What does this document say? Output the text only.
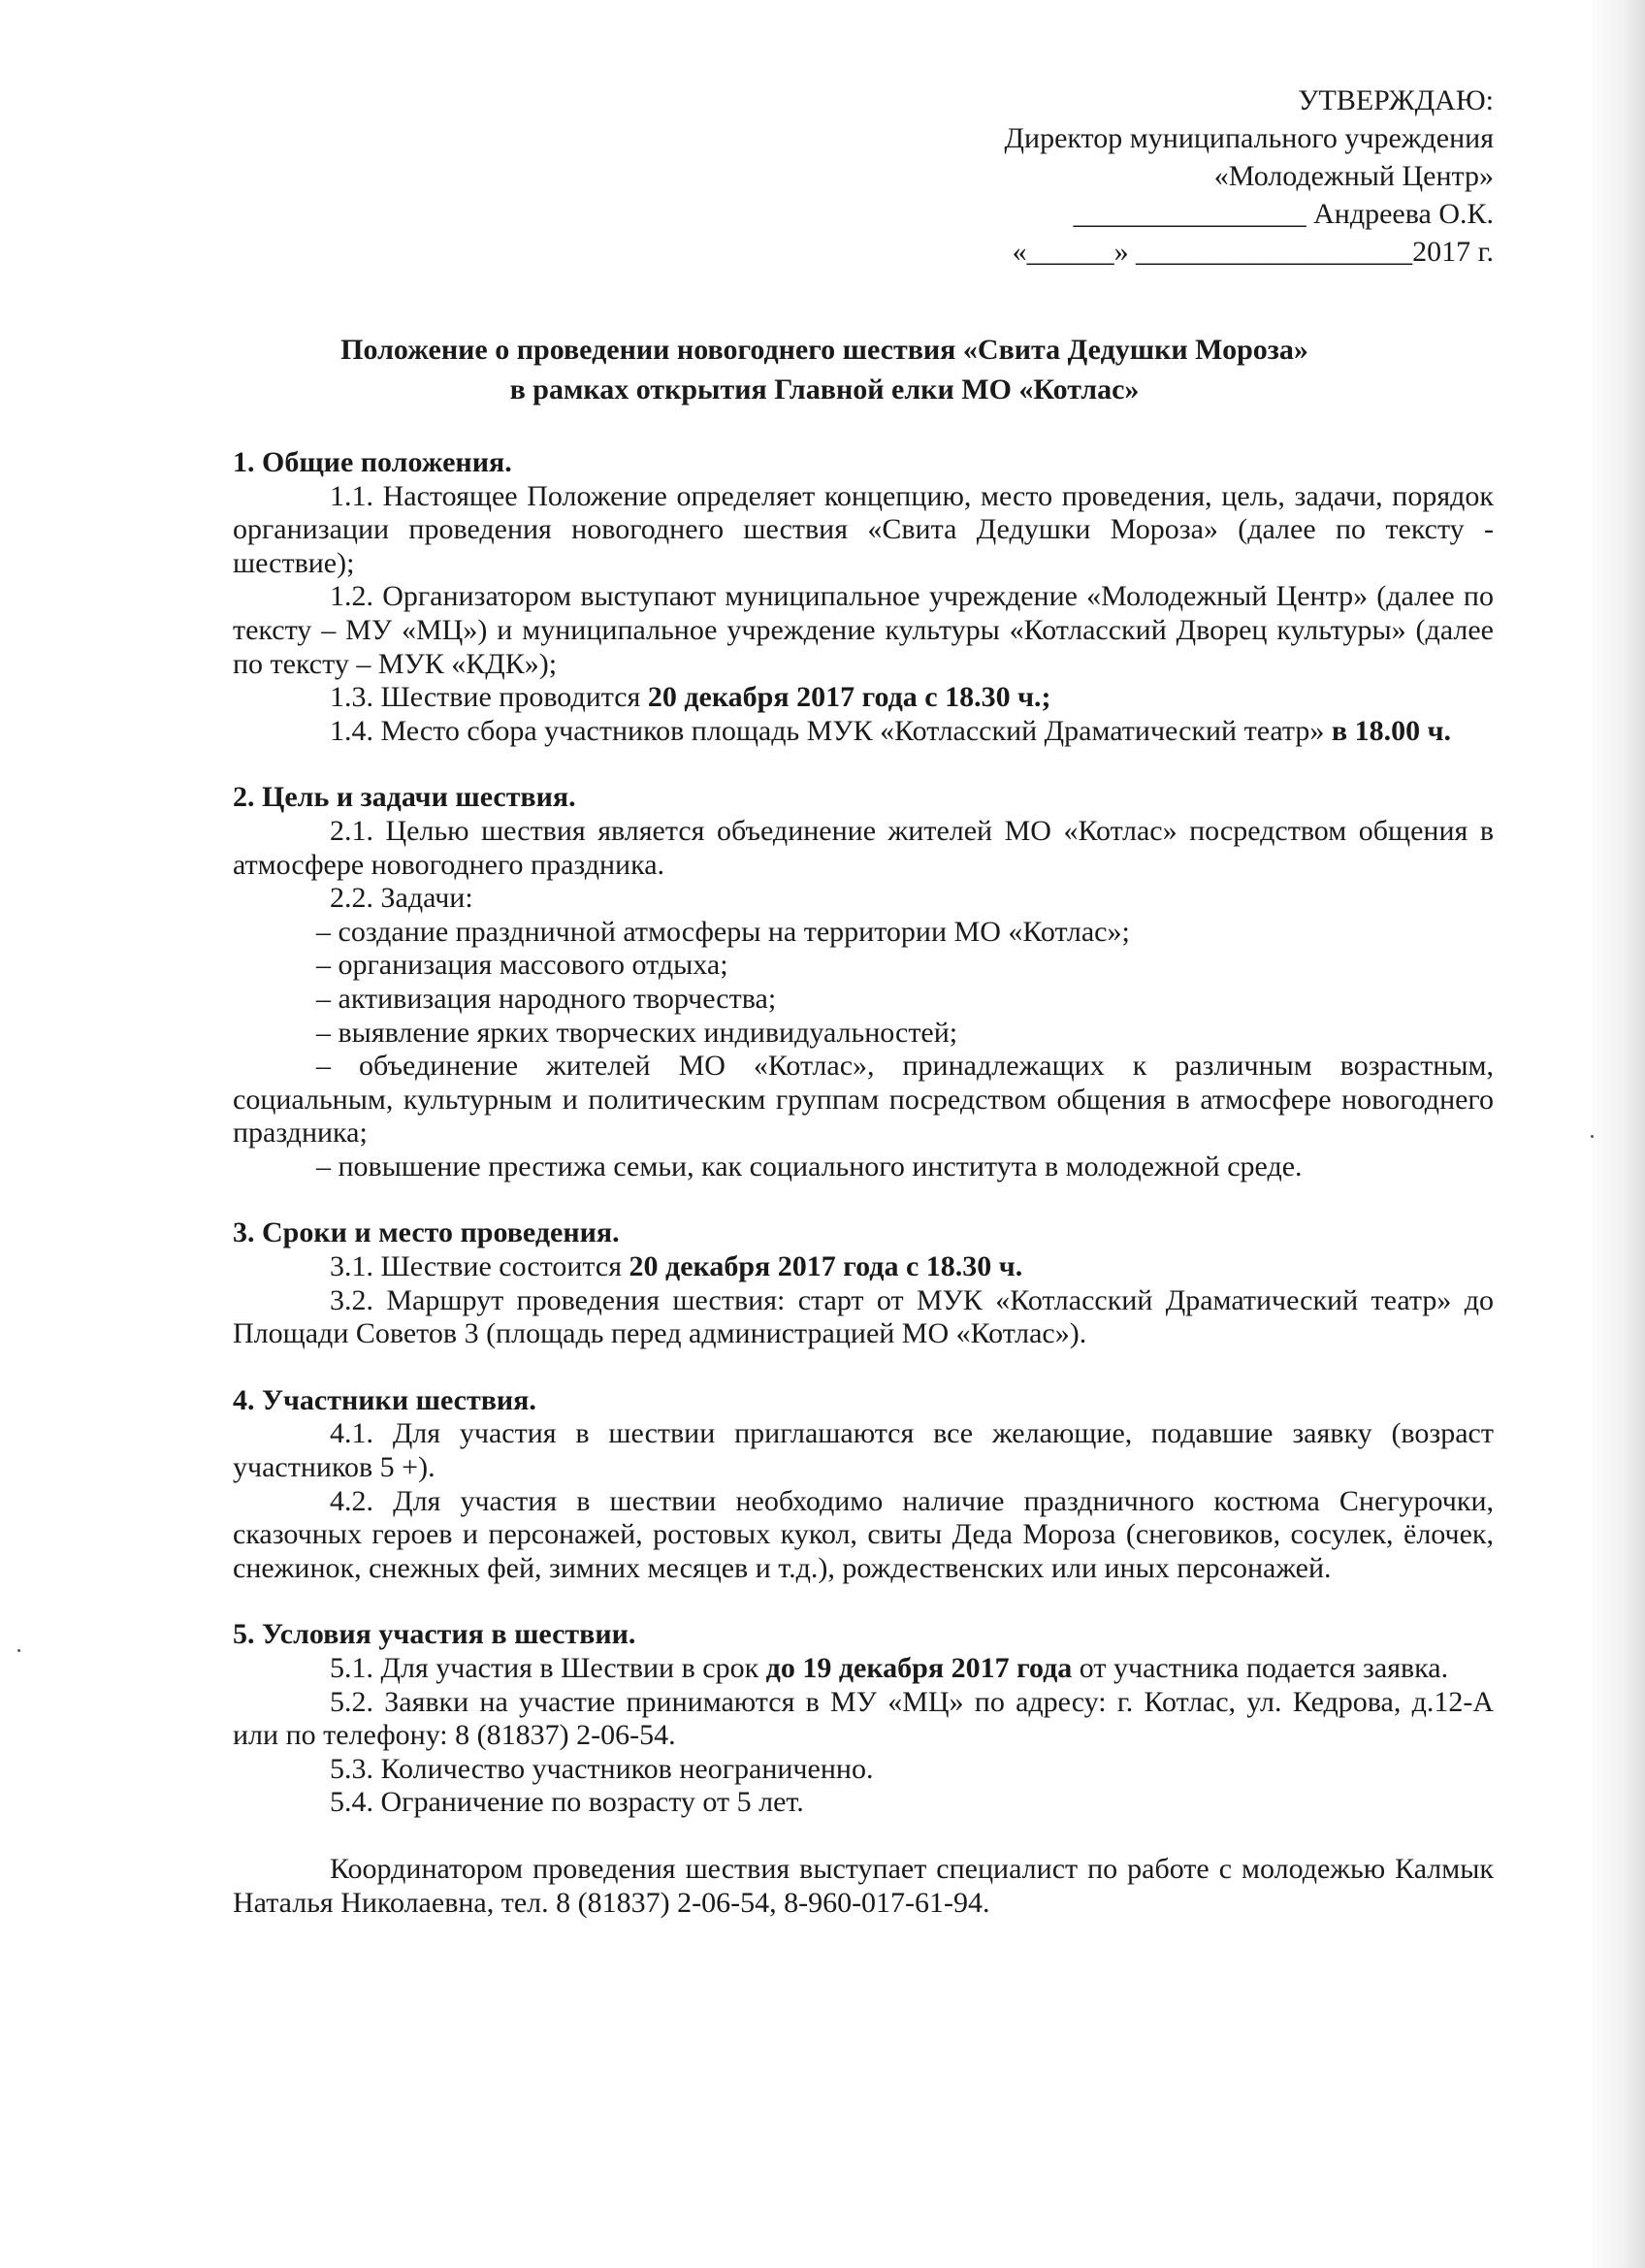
УТВЕРЖДАЮ:
Директор муниципального учреждения
«Молодежный Центр»
________________ Андреева О.К.
«______» ___________________2017 г.
Положение о проведении новогоднего шествия «Свита Дедушки Мороза»
в рамках открытия Главной елки МО «Котлас»

1. Общие положения.

1.1. Настоящее Положение определяет концепцию, место проведения, цель, задачи, порядок организации проведения новогоднего шествия «Свита Дедушки Мороза» (далее по тексту - шествие);

1.2. Организатором выступают муниципальное учреждение «Молодежный Центр» (далее по тексту – МУ «МЦ») и муниципальное учреждение культуры «Котласский Дворец культуры» (далее по тексту – МУК «КДК»);

1.3. Шествие проводится 20 декабря 2017 года с 18.30 ч.;

1.4. Место сбора участников площадь МУК «Котласский Драматический театр» в 18.00 ч.

2. Цель и задачи шествия.

2.1. Целью шествия является объединение жителей МО «Котлас» посредством общения в атмосфере новогоднего праздника.

2.2. Задачи:

– создание праздничной атмосферы на территории МО «Котлас»;

– организация массового отдыха;

– активизация народного творчества;

– выявление ярких творческих индивидуальностей;

– объединение жителей МО «Котлас», принадлежащих к различным возрастным, социальным, культурным и политическим группам посредством общения в атмосфере новогоднего праздника;

– повышение престижа семьи, как социального института в молодежной среде.

3. Сроки и место проведения.

3.1. Шествие состоится 20 декабря 2017 года с 18.30 ч.

3.2. Маршрут проведения шествия: старт от МУК «Котласский Драматический театр» до Площади Советов 3 (площадь перед администрацией МО «Котлас»).

4. Участники шествия.

4.1. Для участия в шествии приглашаются все желающие, подавшие заявку (возраст участников 5 +).

4.2. Для участия в шествии необходимо наличие праздничного костюма Снегурочки, сказочных героев и персонажей, ростовых кукол, свиты Деда Мороза (снеговиков, сосулек, ёлочек, снежинок, снежных фей, зимних месяцев и т.д.), рождественских или иных персонажей.

5. Условия участия в шествии.

5.1. Для участия в Шествии в срок до 19 декабря 2017 года от участника подается заявка.

5.2. Заявки на участие принимаются в МУ «МЦ» по адресу: г. Котлас, ул. Кедрова, д.12-А или по телефону: 8 (81837) 2-06-54.

5.3. Количество участников неограниченно.

5.4. Ограничение по возрасту от 5 лет.

Координатором проведения шествия выступает специалист по работе с молодежью Калмык Наталья Николаевна, тел. 8 (81837) 2-06-54, 8-960-017-61-94.
